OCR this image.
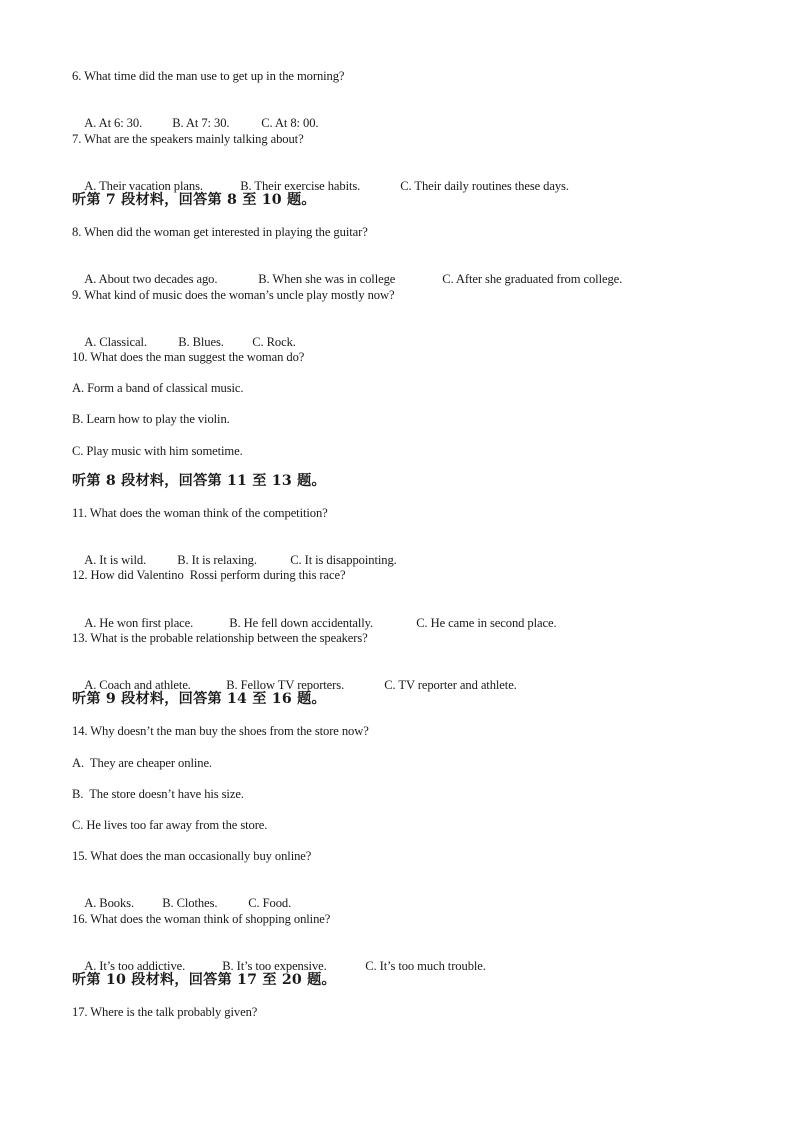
6. What time did the man use to get up in the morning?

A. At 6: 30. B. At 7: 30.	C. At 8: 00.

7. What are the speakers mainly talking about?

A. Their vacation plans.	B. Their exercise habits.	C. Their daily routines these days.

听第 7 段材料，回答第 8 至 10 题。
8. When did the woman get interested in playing the guitar?

A. About two decades ago.	B. When she was in college	C. After she graduated from college.

9. What kind of music does the woman’s uncle play mostly now?

A. Classical. B. Blues. C. Rock.

10. What does the man suggest the woman do?
A. Form a band of classical music.
B. Learn how to play the violin.
C. Play music with him sometime.
听第 8 段材料，回答第 11 至 13 题。
11. What does the woman think of the competition?

A. It is wild. B. It is relaxing.	C. It is disappointing.

12. How did Valentino  Rossi perform during this race?

A. He won first place.	B. He fell down accidentally.	C. He came in second place.

13. What is the probable relationship between the speakers?

A. Coach and athlete.	B. Fellow TV reporters.	C. TV reporter and athlete.

听第 9 段材料，回答第 14 至 16 题。
14. Why doesn’t the man buy the shoes from the store now?
A.  They are cheaper online.
B.  The store doesn’t have his size.
C. He lives too far away from the store.
15. What does the man occasionally buy online?

A. Books. B. Clothes. C. Food.

16. What does the woman think of shopping online?

A. It’s too addictive.	B. It’s too expensive.	C. It’s too much trouble.

听第 10 段材料，回答第 17 至 20 题。
17. Where is the talk probably given?
